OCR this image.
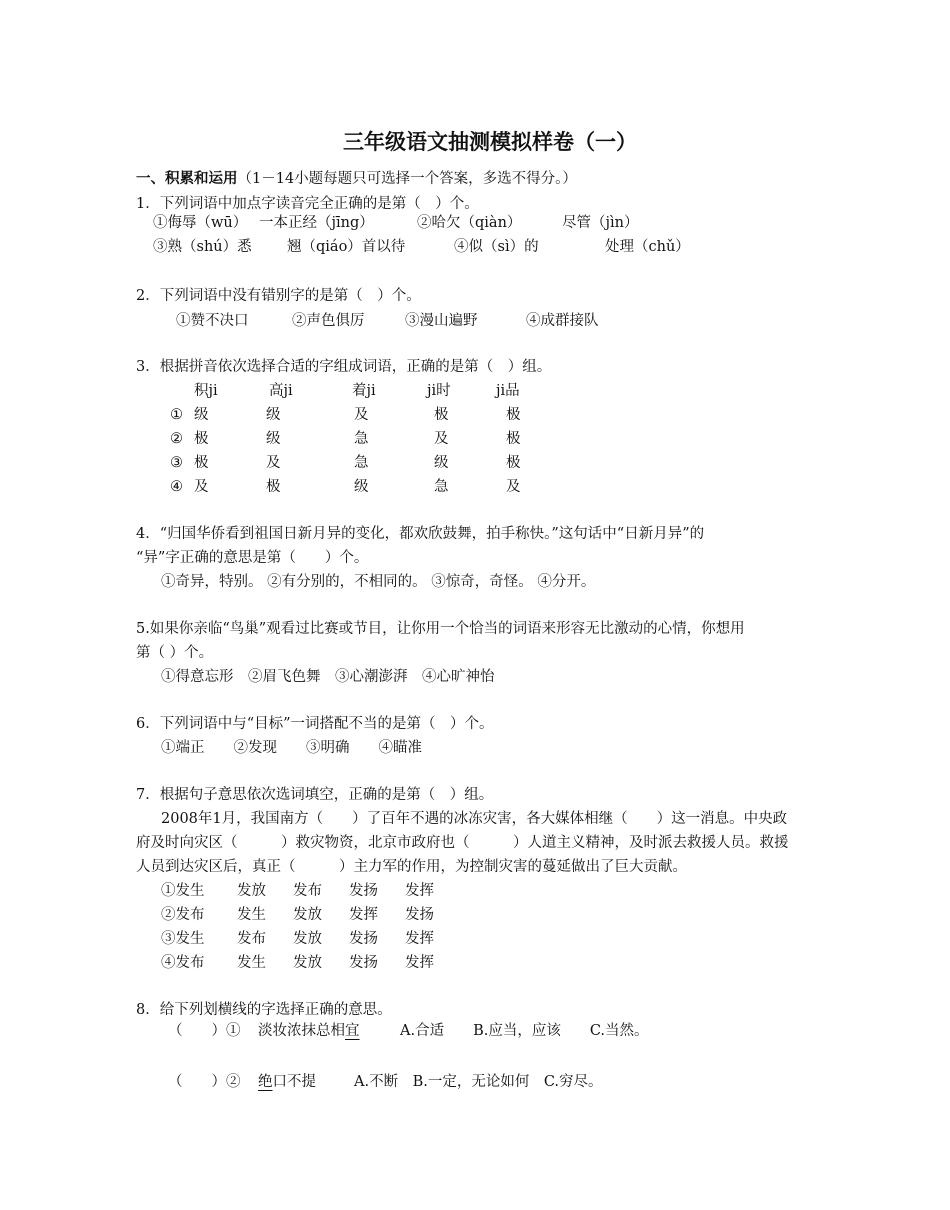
三年级语文抽测模拟样卷（一）
一、积累和运用（1－14小题每题只可选择一个答案，多选不得分。）
1．下列词语中加点字读音完全正确的是第（　）个。
①侮辱（wū） 一本正经（jīng）	②哈欠（qiàn）	尽管（jìn）
③熟（shú）悉 翘（qiáo）首以待	④似（sì）的	处理（chǔ）
2．下列词语中没有错别字的是第（　）个。
①赞不决口	②声色俱厉	③漫山遍野	④成群接队
3．根据拼音依次选择合适的字组成词语，正确的是第（　）组。
积ji	高ji	着ji	ji时	ji品
① 级	级	及	极	极
② 极	级	急	及	极
③ 极	及	急	级	极
④ 及	极	级	急	及
4．“归国华侨看到祖国日新月异的变化，都欢欣鼓舞，拍手称快。”这句话中“日新月异”的
“异”字正确的意思是第（　　）个。
①奇异，特别。 ②有分别的，不相同的。 ③惊奇，奇怪。 ④分开。
5.如果你亲临“鸟巢”观看过比赛或节目，让你用一个恰当的词语来形容无比激动的心情，你想用
第（ ）个。
①得意忘形　②眉飞色舞　③心潮澎湃　④心旷神怡
6．下列词语中与“目标”一词搭配不当的是第（　）个。
①端正　　②发现　　③明确　　④瞄准
7．根据句子意思依次选词填空，正确的是第（　）组。
2008年1月，我国南方（　　）了百年不遇的冰冻灾害，各大媒体相继（　　）这一消息。中央政
府及时向灾区（　　　）救灾物资，北京市政府也（　　　）人道主义精神，及时派去救援人员。救援
人员到达灾区后，真正（　　　）主力军的作用，为控制灾害的蔓延做出了巨大贡献。
①发生 发放 发布 发扬 发挥
②发布 发生 发放 发挥 发扬
③发生 发布 发放 发扬 发挥
④发布 发生 发放 发扬 发挥
8．给下列划横线的字选择正确的意思。
（　　）① 淡妆浓抹总相宜	A.合适　　B.应当，应该　　C.当然。
（　　）② 绝口不提	A.不断　B.一定，无论如何　C.穷尽。
